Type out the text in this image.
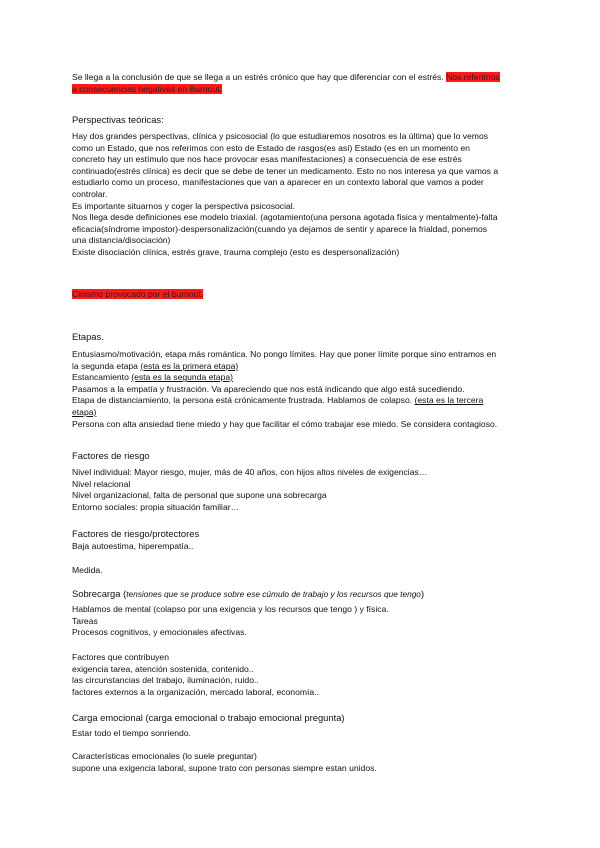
Se llega a la conclusión de que se llega a un estrés crónico que hay que diferenciar con el estrés. Nos referimos
a consecuencias negativas en Burnout.

Perspectivas teóricas:

Hay dos grandes perspectivas, clínica y psicosocial (lo que estudiaremos nosotros es la última) que lo vemos
como un Estado, que nos referimos con esto de Estado de rasgos(es así) Estado (es en un momento en
concreto hay un estímulo que nos hace provocar esas manifestaciones) a consecuencia de ese estrés
continuado(estrés clínica) es decir que se debe de tener un medicamento. Esto no nos interesa ya que vamos a
estudiarlo como un proceso, manifestaciones que van a aparecer en un contexto laboral que vamos a poder
controlar.
Es importante situarnos y coger la perspectiva psicosocial.
Nos llega desde definiciones ese modelo triaxial. (agotamiento(una persona agotada física y mentalmente)-falta
eficacia(síndrome impostor)-despersonalización(cuando ya dejamos de sentir y aparece la frialdad, ponemos
una distancia/disociación)
Existe disociación clínica, estrés grave, trauma complejo (esto es despersonalización)

Cinismo provocado por el burnout.

Etapas.

Entusiasmo/motivación, etapa más romántica. No pongo límites. Hay que poner límite porque sino entramos en
la segunda etapa (esta es la primera etapa)
Estancamiento (esta es la segunda etapa)
Pasamos a la empatía y frustración. Va apareciendo que nos está indicando que algo está sucediendo.
Etapa de distanciamiento, la persona está crónicamente frustrada. Hablamos de colapso. (esta es la tercera
etapa)
Persona con alta ansiedad tiene miedo y hay que facilitar el cómo trabajar ese miedo. Se considera contagioso.

Factores de riesgo

Nivel individual: Mayor riesgo, mujer, más de 40 años, con hijos altos niveles de exigencias…
Nivel relacional
Nivel organizacional, falta de personal que supone una sobrecarga
Entorno sociales: propia situación familiar…

Factores de riesgo/protectores

Baja autoestima, hiperempatía..

Medida.

Sobrecarga (tensiones que se produce sobre ese cúmulo de trabajo y los recursos que tengo)

Hablamos de mental (colapso por una exigencia y los recursos que tengo ) y física.
Tareas
Procesos cognitivos, y emocionales afectivas.

Factores que contribuyen
exigencia tarea, atención sostenida, contenido..
las circunstancias del trabajo, iluminación, ruido..
factores externos a la organización, mercado laboral, economía..

Carga emocional (carga emocional o trabajo emocional pregunta)

Estar todo el tiempo sonriendo.

Características emocionales (lo suele preguntar)
supone una exigencia laboral, supone trato con personas siempre estan unidos.
